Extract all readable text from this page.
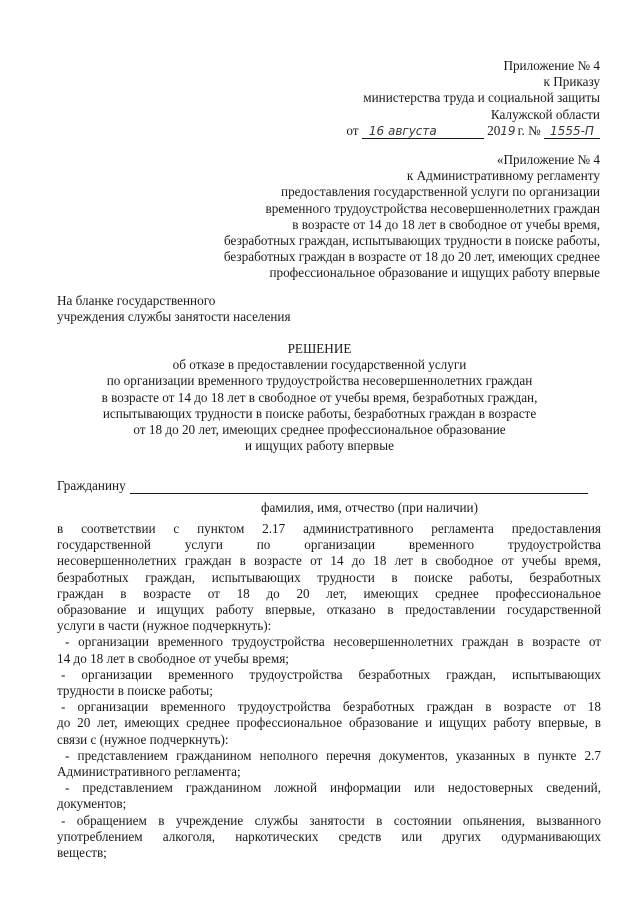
Приложение № 4
к Приказу
министерства труда и социальной защиты
Калужской области
от 16 августа	2019 г. № 1555-П
«Приложение № 4
к Административному регламенту
предоставления государственной услуги по организации
временного трудоустройства несовершеннолетних граждан
в возрасте от 14 до 18 лет в свободное от учебы время,
безработных граждан, испытывающих трудности в поиске работы,
безработных граждан в возрасте от 18 до 20 лет, имеющих среднее
профессиональное образование и ищущих работу впервые
На бланке государственного
учреждения службы занятости населения
РЕШЕНИЕ
об отказе в предоставлении государственной услуги
по организации временного трудоустройства несовершеннолетних граждан
в возрасте от 14 до 18 лет в свободное от учебы время, безработных граждан,
испытывающих трудности в поиске работы, безработных граждан в возрасте
от 18 до 20 лет, имеющих среднее профессиональное образование
и ищущих работу впервые
Гражданину
фамилия, имя, отчество (при наличии)
в соответствии с пунктом 2.17 административного регламента предоставления
государственной услуги по организации временного трудоустройства
несовершеннолетних граждан в возрасте от 14 до 18 лет в свободное от учебы время,
безработных граждан, испытывающих трудности в поиске работы, безработных
граждан в возрасте от 18 до 20 лет, имеющих среднее профессиональное
образование и ищущих работу впервые, отказано в предоставлении государственной
услуги в части (нужное подчеркнуть):
- организации временного трудоустройства несовершеннолетних граждан в возрасте от
14 до 18 лет в свободное от учебы время;
- организации временного трудоустройства безработных граждан, испытывающих
трудности в поиске работы;
- организации временного трудоустройства безработных граждан в возрасте от 18
до 20 лет, имеющих среднее профессиональное образование и ищущих работу впервые, в
связи с (нужное подчеркнуть):
- представлением гражданином неполного перечня документов, указанных в пункте 2.7
Административного регламента;
- представлением гражданином ложной информации или недостоверных сведений,
документов;
- обращением в учреждение службы занятости в состоянии опьянения, вызванного
употреблением алкоголя, наркотических средств или других одурманивающих
веществ;
